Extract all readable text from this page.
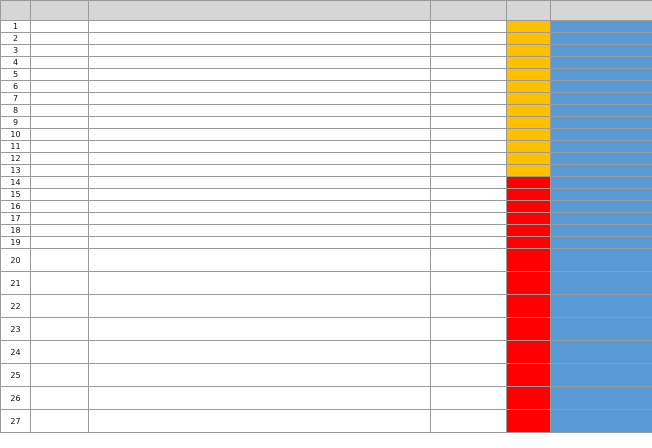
1					
2					
3					
4					
5					
6					
7					
8					
9					
10					
11					
12					
13					
14					
15					
16					
17					
18					
19					
20					
21					
22					
23					
24					
25					
26					
27					
